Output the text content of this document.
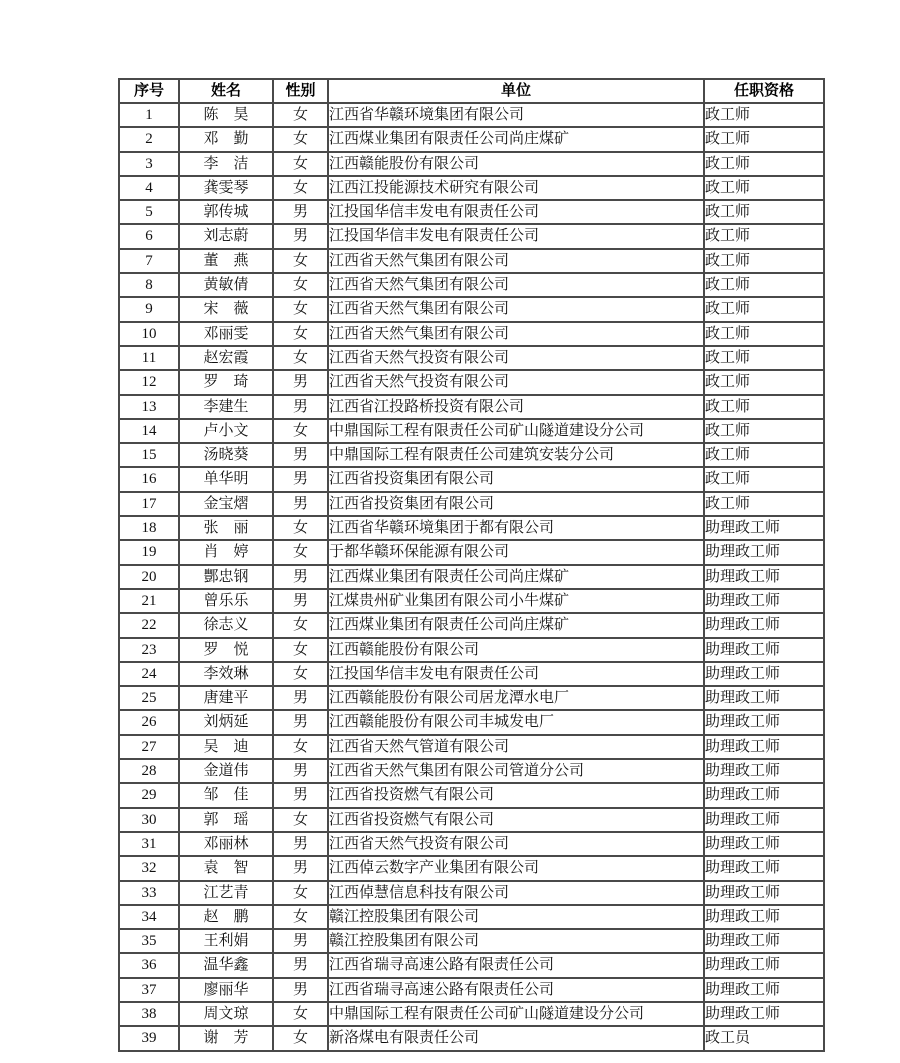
序号	姓名	性别	单位	任职资格
1	陈　昊	女	江西省华赣环境集团有限公司	政工师
2	邓　勤	女	江西煤业集团有限责任公司尚庄煤矿	政工师
3	李　洁	女	江西赣能股份有限公司	政工师
4	龚雯琴	女	江西江投能源技术研究有限公司	政工师
5	郭传城	男	江投国华信丰发电有限责任公司	政工师
6	刘志蔚	男	江投国华信丰发电有限责任公司	政工师
7	董　燕	女	江西省天然气集团有限公司	政工师
8	黄敏倩	女	江西省天然气集团有限公司	政工师
9	宋　薇	女	江西省天然气集团有限公司	政工师
10	邓丽雯	女	江西省天然气集团有限公司	政工师
11	赵宏霞	女	江西省天然气投资有限公司	政工师
12	罗　琦	男	江西省天然气投资有限公司	政工师
13	李建生	男	江西省江投路桥投资有限公司	政工师
14	卢小文	女	中鼎国际工程有限责任公司矿山隧道建设分公司	政工师
15	汤晓葵	男	中鼎国际工程有限责任公司建筑安装分公司	政工师
16	单华明	男	江西省投资集团有限公司	政工师
17	金宝熠	男	江西省投资集团有限公司	政工师
18	张　丽	女	江西省华赣环境集团于都有限公司	助理政工师
19	肖　婷	女	于都华赣环保能源有限公司	助理政工师
20	酆忠钢	男	江西煤业集团有限责任公司尚庄煤矿	助理政工师
21	曾乐乐	男	江煤贵州矿业集团有限公司小牛煤矿	助理政工师
22	徐志义	女	江西煤业集团有限责任公司尚庄煤矿	助理政工师
23	罗　悦	女	江西赣能股份有限公司	助理政工师
24	李效琳	女	江投国华信丰发电有限责任公司	助理政工师
25	唐建平	男	江西赣能股份有限公司居龙潭水电厂	助理政工师
26	刘炳延	男	江西赣能股份有限公司丰城发电厂	助理政工师
27	吴　迪	女	江西省天然气管道有限公司	助理政工师
28	金道伟	男	江西省天然气集团有限公司管道分公司	助理政工师
29	邹　佳	男	江西省投资燃气有限公司	助理政工师
30	郭　瑶	女	江西省投资燃气有限公司	助理政工师
31	邓丽林	男	江西省天然气投资有限公司	助理政工师
32	袁　智	男	江西倬云数字产业集团有限公司	助理政工师
33	江艺青	女	江西倬慧信息科技有限公司	助理政工师
34	赵　鹏	女	赣江控股集团有限公司	助理政工师
35	王利娟	男	赣江控股集团有限公司	助理政工师
36	温华鑫	男	江西省瑞寻高速公路有限责任公司	助理政工师
37	廖丽华	男	江西省瑞寻高速公路有限责任公司	助理政工师
38	周文琼	女	中鼎国际工程有限责任公司矿山隧道建设分公司	助理政工师
39	谢　芳	女	新洛煤电有限责任公司	政工员
